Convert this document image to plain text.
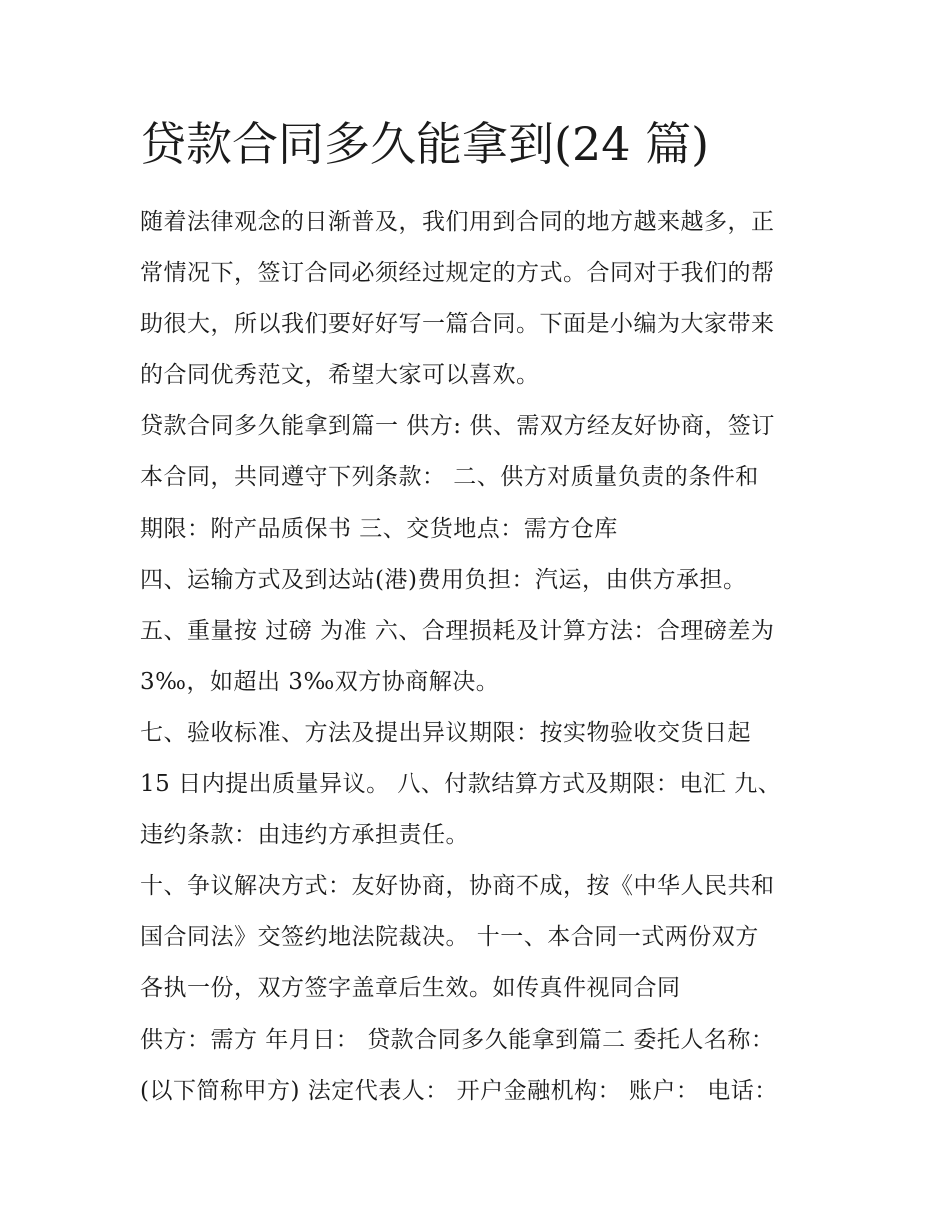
贷款合同多久能拿到(24 篇)
随着法律观念的日渐普及，我们用到合同的地方越来越多，正
常情况下，签订合同必须经过规定的方式。合同对于我们的帮
助很大，所以我们要好好写一篇合同。下面是小编为大家带来
的合同优秀范文，希望大家可以喜欢。
贷款合同多久能拿到篇一 供方: 供、需双方经友好协商，签订
本合同，共同遵守下列条款： 二、供方对质量负责的条件和
期限：附产品质保书 三、交货地点：需方仓库
四、运输方式及到达站(港)费用负担：汽运，由供方承担。
五、重量按 过磅 为准 六、合理损耗及计算方法：合理磅差为
3‰，如超出 3‰双方协商解决。
七、验收标准、方法及提出异议期限：按实物验收交货日起
15 日内提出质量异议。 八、付款结算方式及期限：电汇 九、
违约条款：由违约方承担责任。
十、争议解决方式：友好协商，协商不成，按《中华人民共和
国合同法》交签约地法院裁决。 十一、本合同一式两份双方
各执一份，双方签字盖章后生效。如传真件视同合同
供方：需方 年月日： 贷款合同多久能拿到篇二 委托人名称：
(以下简称甲方) 法定代表人： 开户金融机构： 账户： 电话：
